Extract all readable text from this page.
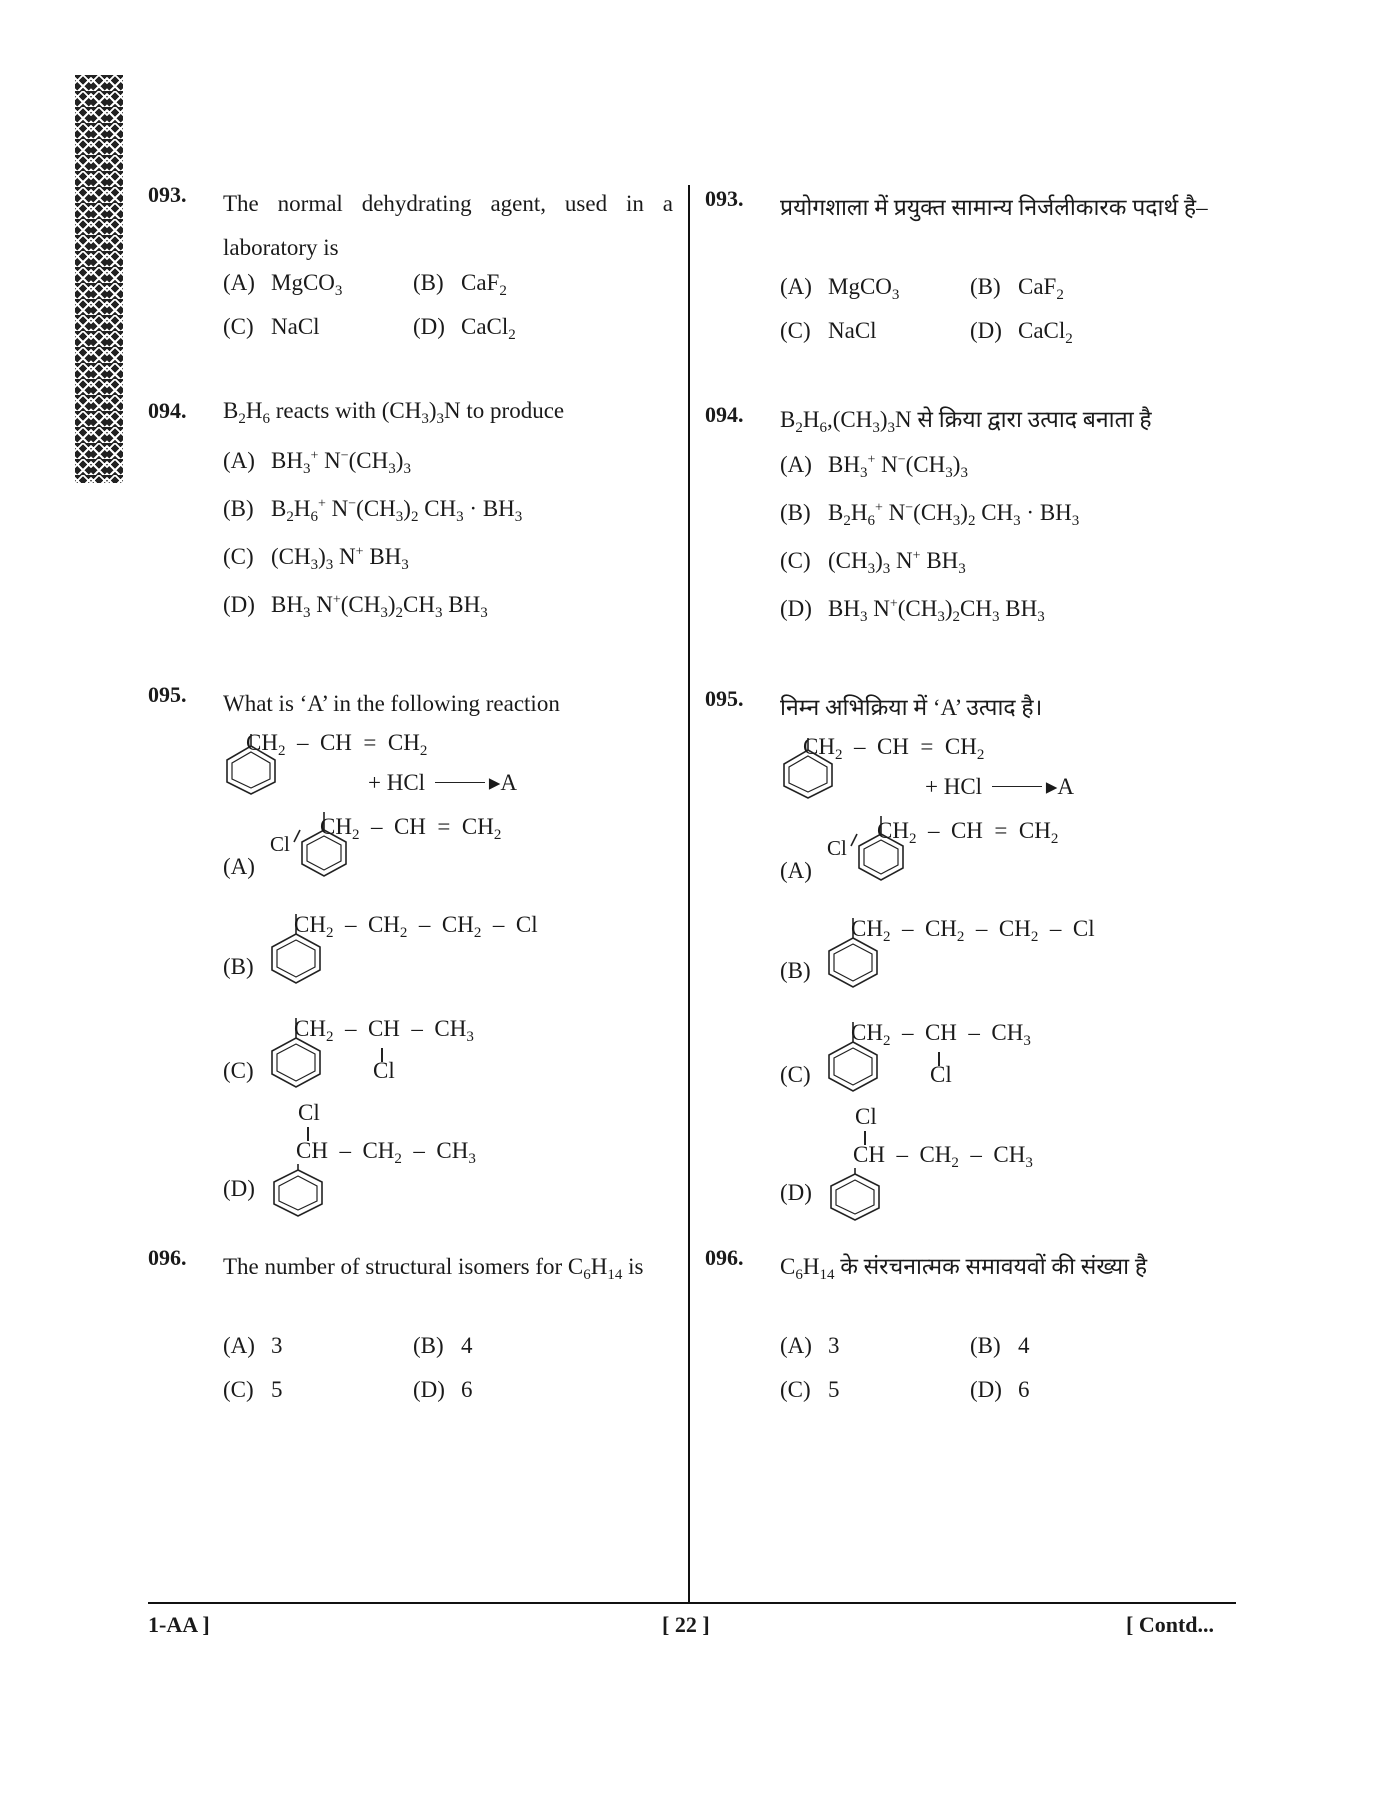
093. The normal dehydrating agent, used in a laboratory is
(A) MgCO$_3$	(B) CaF$_2$
(C) NaCl	(D) CaCl$_2$
094. $B_2H_6$ reacts with $(CH_3)_3N$ to produce
(A) $BH_3^+$ $N^-(CH_3)_3$
(B) $B_2H_6^+$ $N^-(CH_3)_2$ $CH_3 \cdot BH_3$
(C) $(CH_3)_3$ N+ $BH_3$
(D) $BH_3$ $N^+(CH_3)_2CH_3$ $BH_3$
095. What is ‘A’ in the following reaction
$CH_2$  –  CH  =  $CH_2$
+ HCl	▸A
(A)
Cl
$CH_2$  –  CH  =  $CH_2$
(B)
$CH_2 - CH_2 - CH_2$  –  Cl
(C)
$CH_2$  –  CH  –  $CH_3$
Cl
Cl
CH  –  $CH_2 - CH_3$
(D)
096. The number of structural isomers for $C_6H_{14}$ is
(A) 3	(B) 4
(C) 5	(D) 6
093. प्रयोगशाला में प्रयुक्त सामान्य निर्जलीकारक पदार्थ है–
(A) MgCO$_3$	(B) CaF$_2$
(C) NaCl	(D) CaCl$_2$
094. $B_2H_6,(CH_3)_3N$ से क्रिया द्वारा उत्पाद बनाता है
(A) $BH_3^+$ $N^-(CH_3)_3$
(B) $B_2H_6^+$ $N^-(CH_3)_2$ $CH_3 \cdot BH_3$
(C) $(CH_3)_3$ N+ $BH_3$
(D) $BH_3$ $N^+(CH_3)_2CH_3$ $BH_3$
095. निम्न अभिक्रिया में ‘A’ उत्पाद है।
$CH_2$  –  CH  =  $CH_2$
+ HCl	▸A
(A)
Cl
$CH_2$  –  CH  =  $CH_2$
(B)
$CH_2 - CH_2 - CH_2$  –  Cl
(C)
$CH_2$  –  CH  –  $CH_3$
Cl
Cl
CH  –  $CH_2 - CH_3$
(D)
096. $C_6H_{14}$ के संरचनात्मक समावयवों की संख्या है
(A) 3	(B) 4
(C) 5	(D) 6
1-AA ]	[ 22 ]	[ Contd...
